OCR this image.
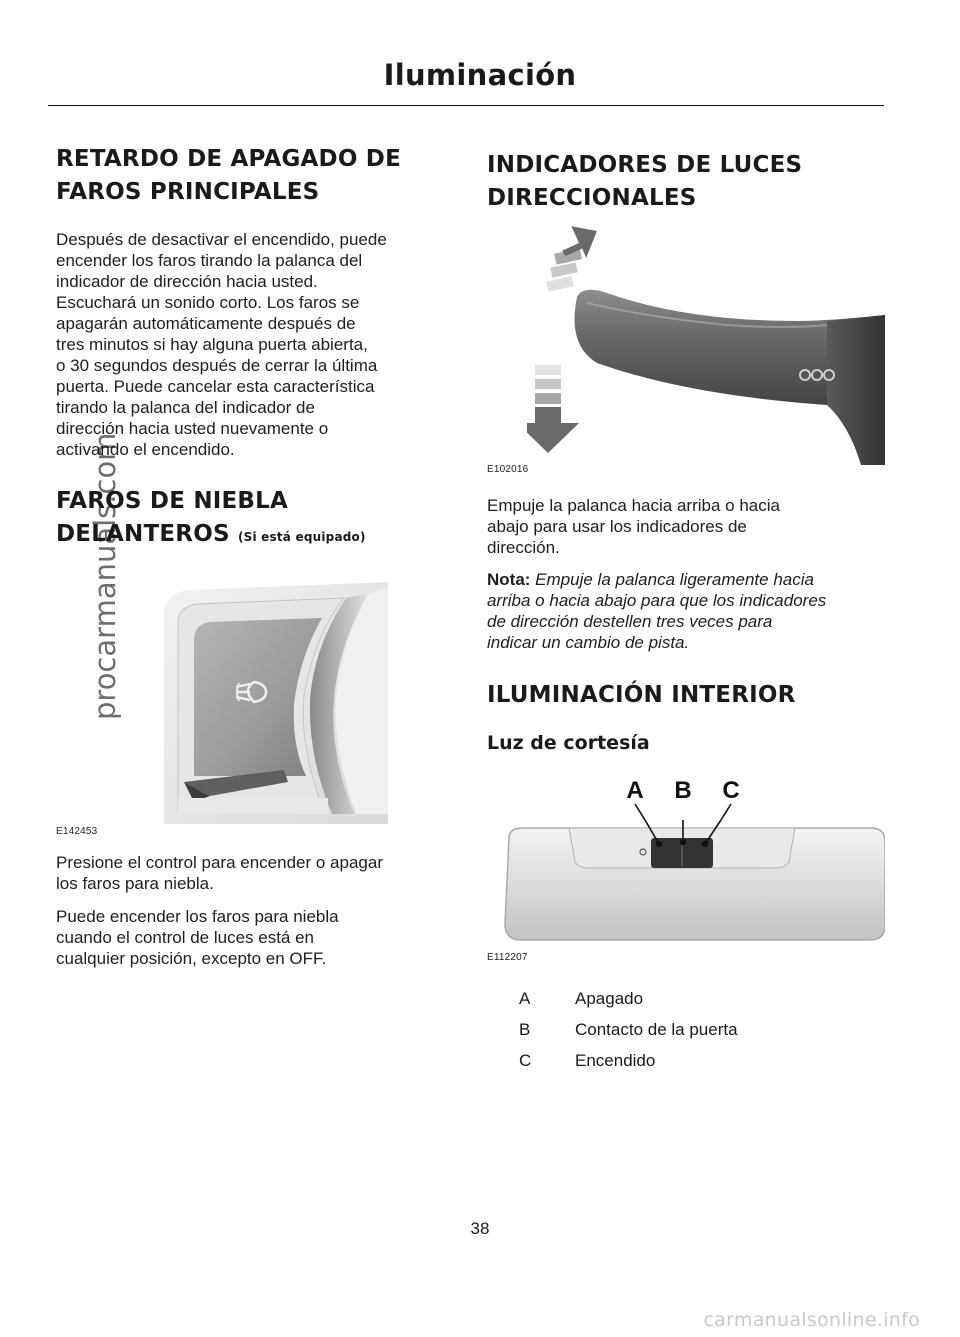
Iluminación
RETARDO DE APAGADO DE
FAROS PRINCIPALES

Después de desactivar el encendido, puede
encender los faros tirando la palanca del
indicador de dirección hacia usted.
Escuchará un sonido corto. Los faros se
apagarán automáticamente después de
tres minutos si hay alguna puerta abierta,
o 30 segundos después de cerrar la última
puerta. Puede cancelar esta característica
tirando la palanca del indicador de
dirección hacia usted nuevamente o
activando el encendido.

FAROS DE NIEBLA
DELANTEROS (Si está equipado)
E142453

Presione el control para encender o apagar
los faros para niebla.

Puede encender los faros para niebla
cuando el control de luces está en
cualquier posición, excepto en OFF.

INDICADORES DE LUCES
DIRECCIONALES
E102016

Empuje la palanca hacia arriba o hacia
abajo para usar los indicadores de
dirección.

Nota: Empuje la palanca ligeramente hacia
arriba o hacia abajo para que los indicadores
de dirección destellen tres veces para
indicar un cambio de pista.

ILUMINACIÓN INTERIOR
Luz de cortesía
A B C
E112207
A	Apagado
B	Contacto de la puerta
C	Encendido
38
procarmanuals.com
carmanualsonline.info
